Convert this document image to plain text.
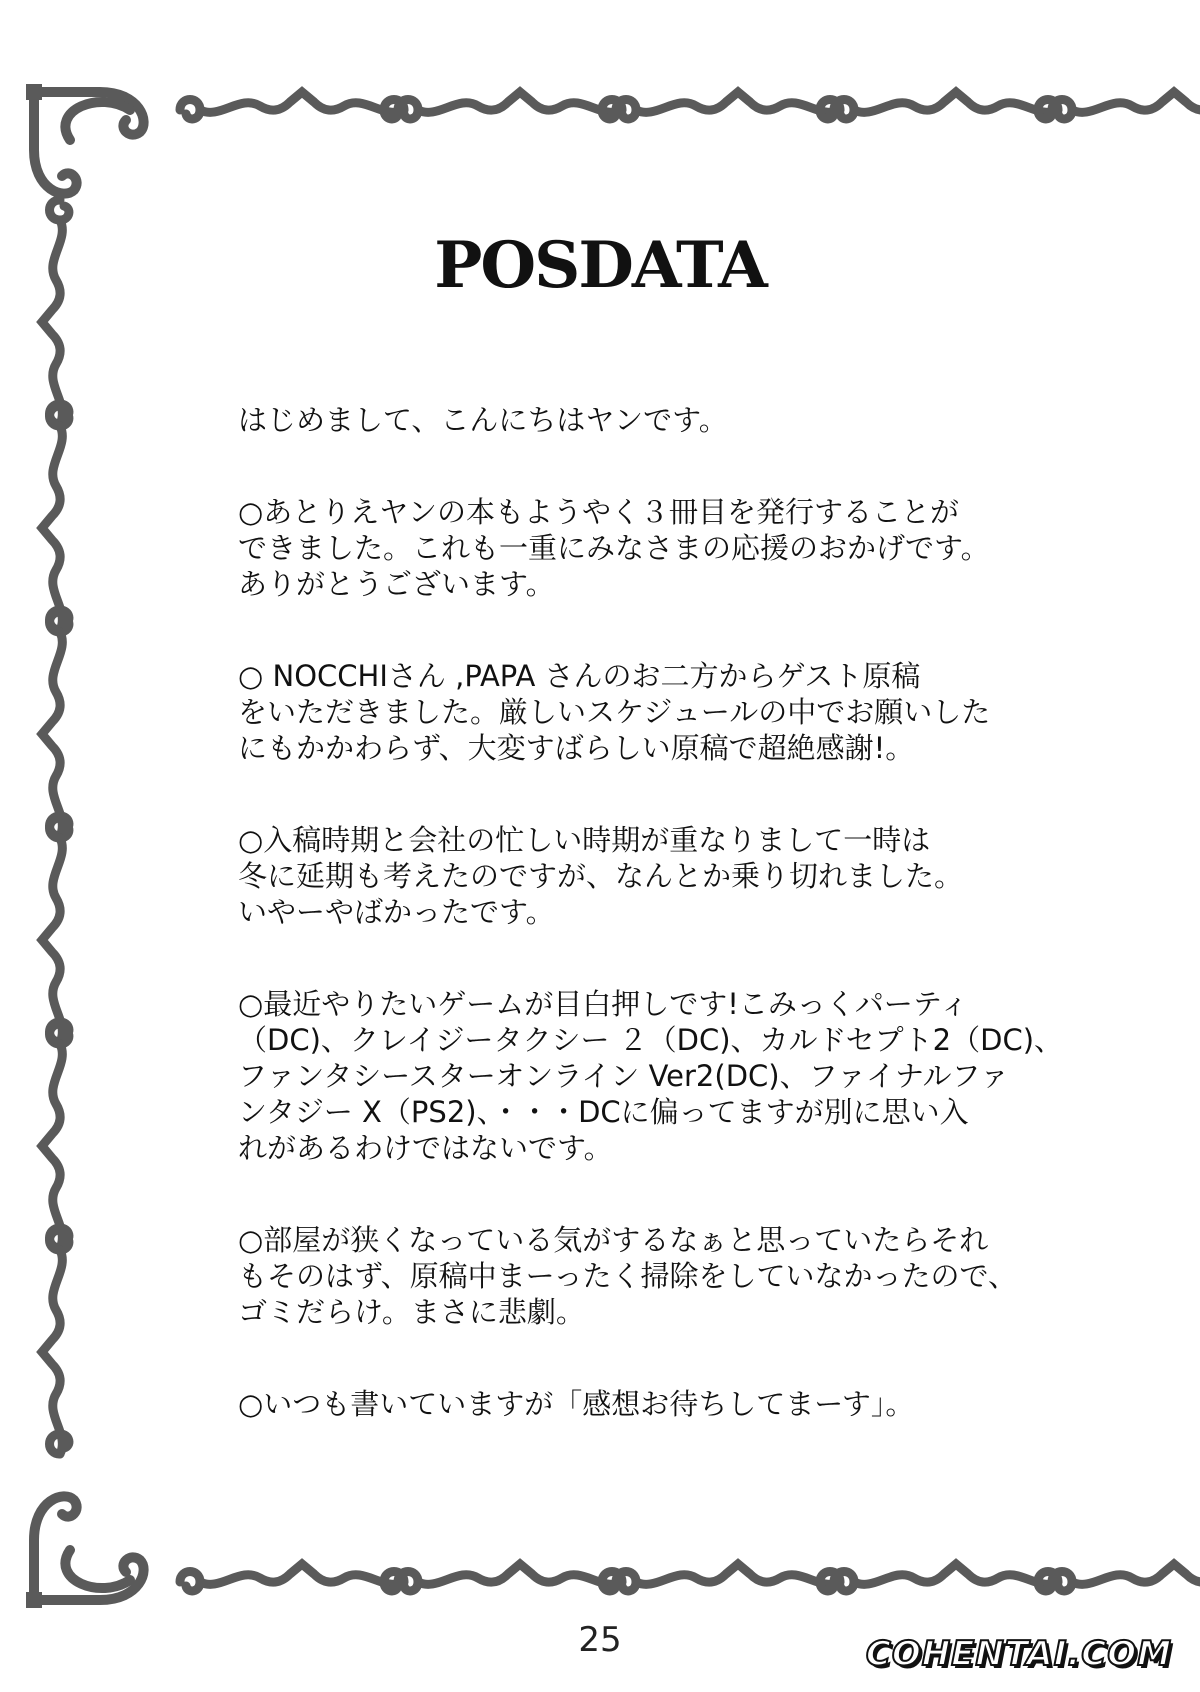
POSDATA
はじめまして、こんにちはヤンです。
○あとりえヤンの本もようやく３冊目を発行することが
できました。これも一重にみなさまの応援のおかげです。
ありがとうございます。
○ NOCCHIさん ,PAPA さんのお二方からゲスト原稿
をいただきました。厳しいスケジュールの中でお願いした
にもかかわらず、大変すばらしい原稿で超絶感謝!。
○入稿時期と会社の忙しい時期が重なりまして一時は
冬に延期も考えたのですが、なんとか乗り切れました。
いやーやばかったです。
○最近やりたいゲームが目白押しです!こみっくパーティ
（DC)、クレイジータクシー ２（DC)、カルドセプト2（DC)、
ファンタシースターオンライン Ver2(DC)、ファイナルファ
ンタジー X（PS2)、・・・DCに偏ってますが別に思い入
れがあるわけではないです。
○部屋が狭くなっている気がするなぁと思っていたらそれ
もそのはず、原稿中まーったく掃除をしていなかったので、
ゴミだらけ。まさに悲劇。
○いつも書いていますが「感想お待ちしてまーす」。
25	COHENTAI.COM
